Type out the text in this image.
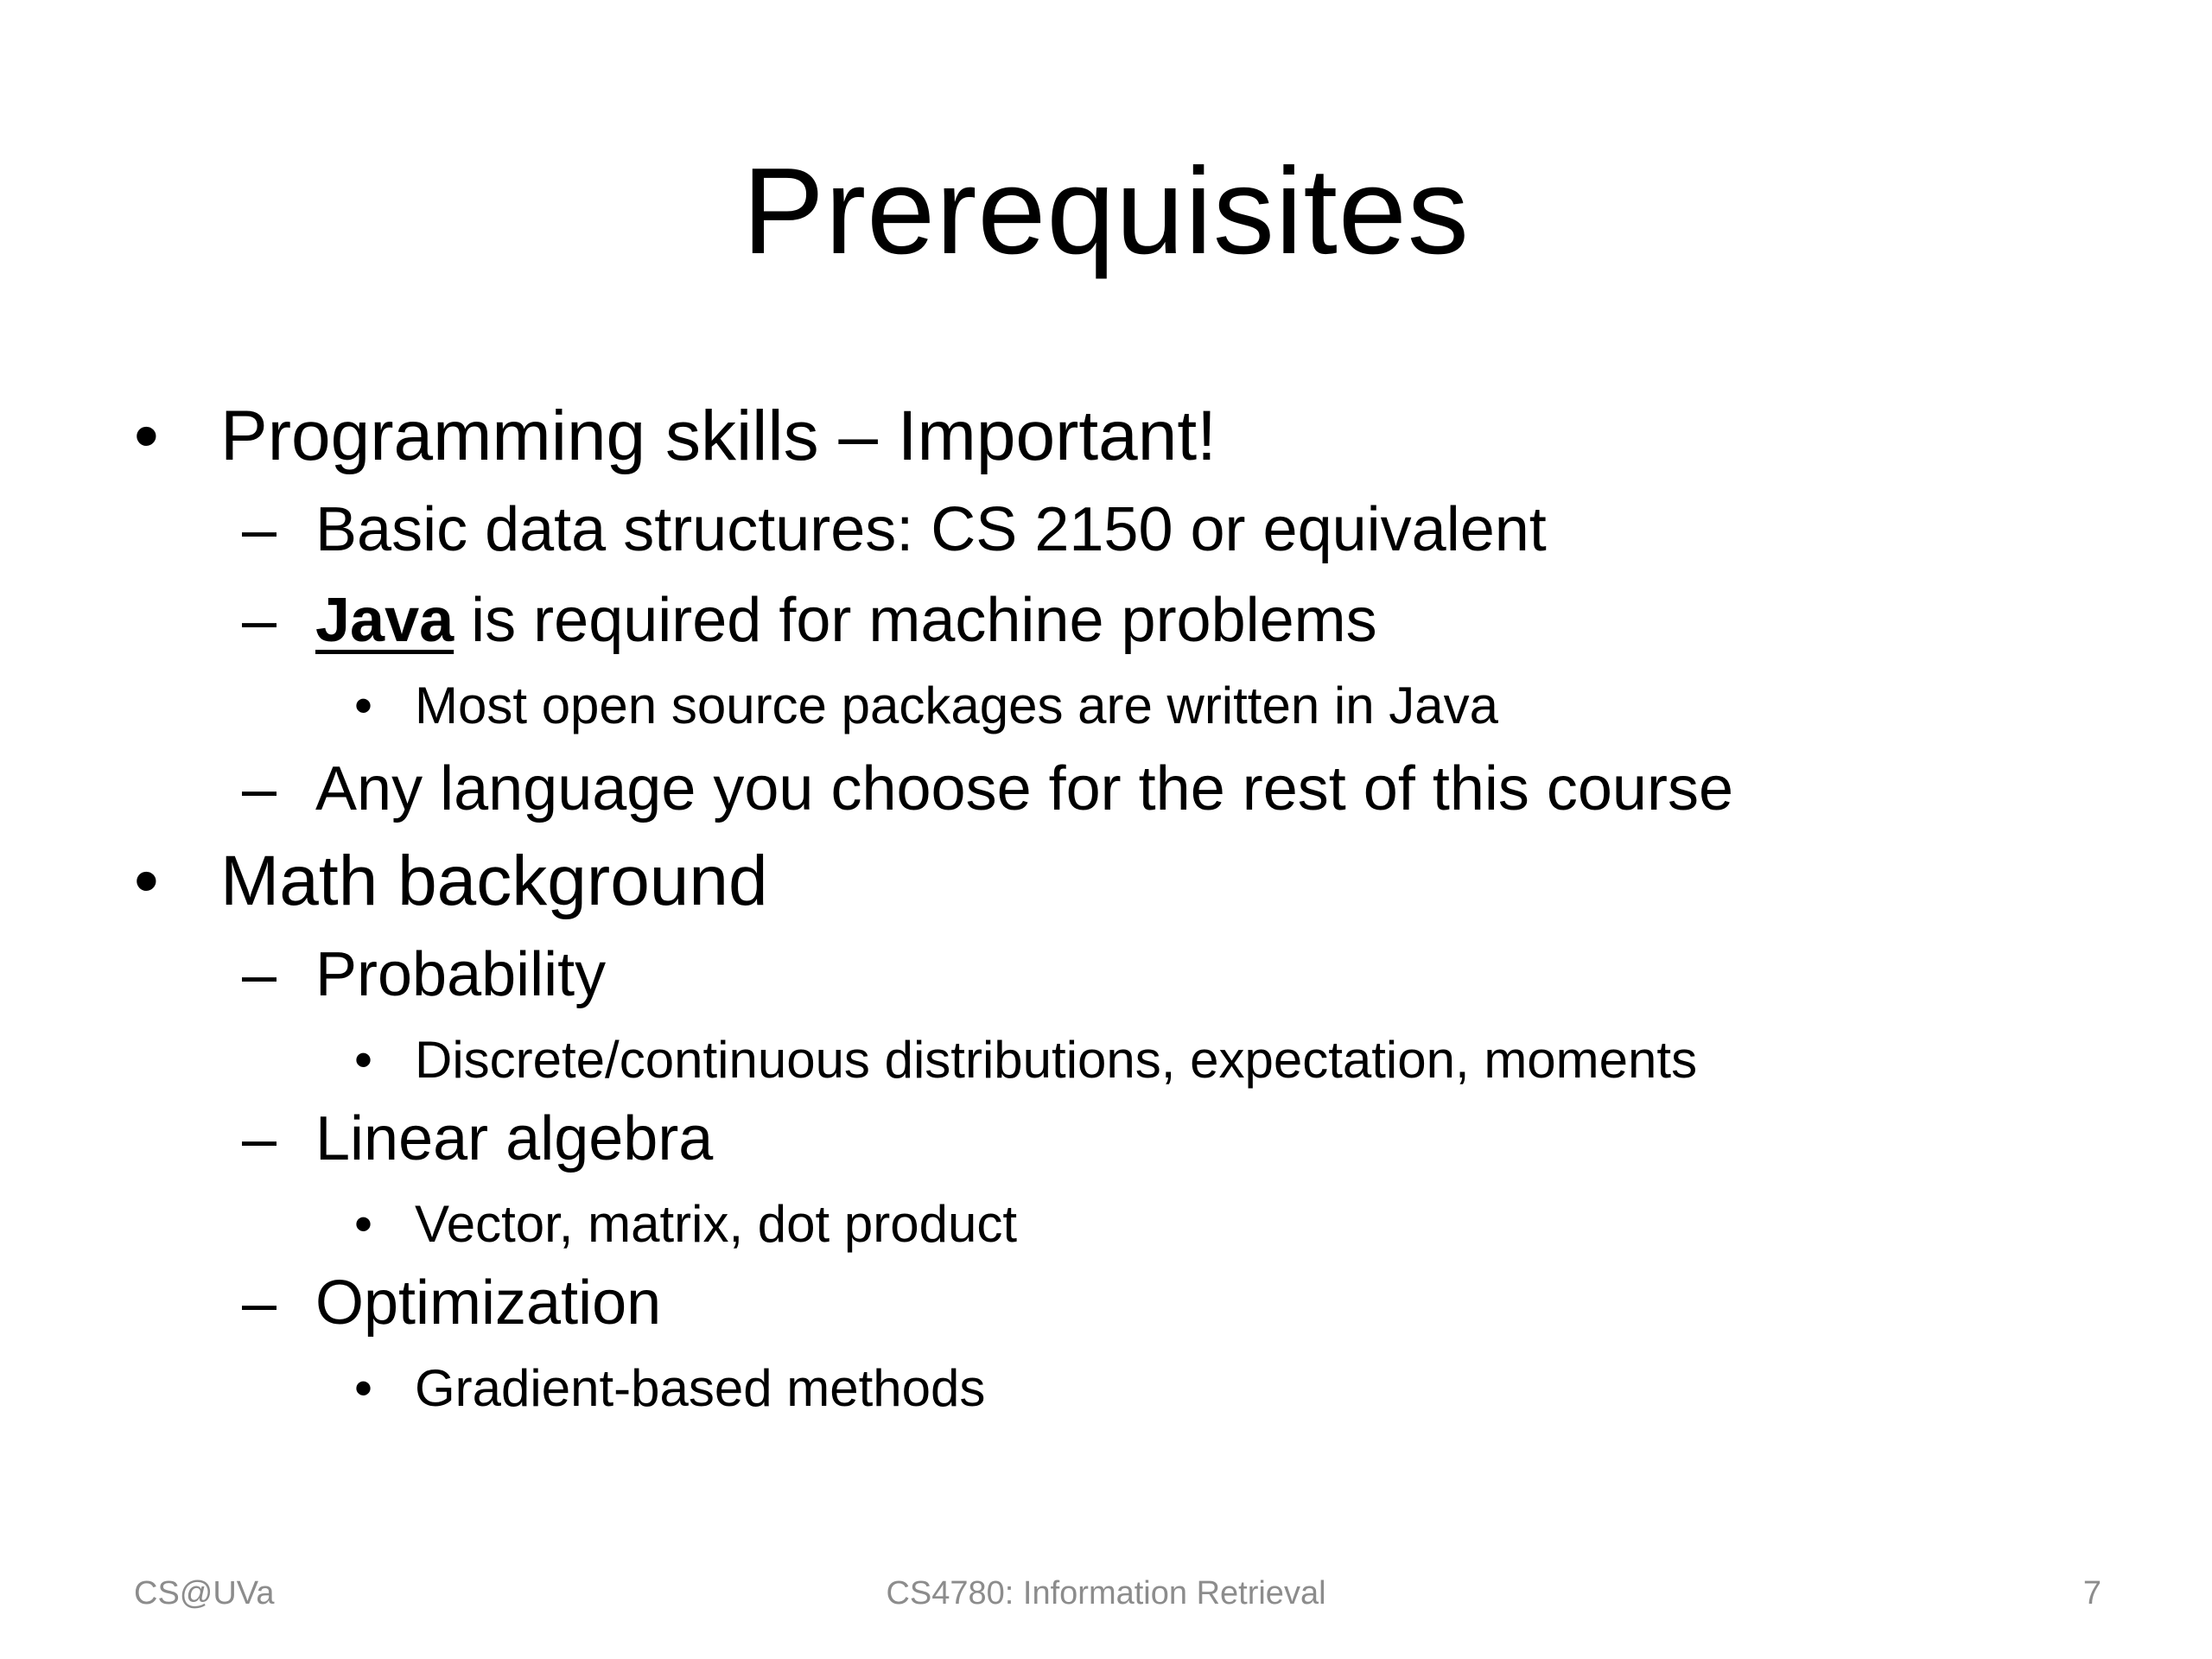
Prerequisites
• Programming skills – Important!
– Basic data structures: CS 2150 or equivalent
– Java is required for machine problems
• Most open source packages are written in Java
– Any language you choose for the rest of this course
• Math background
– Probability
• Discrete/continuous distributions, expectation, moments
– Linear algebra
• Vector, matrix, dot product
– Optimization
• Gradient-based methods
CS@UVa	CS4780: Information Retrieval	7
